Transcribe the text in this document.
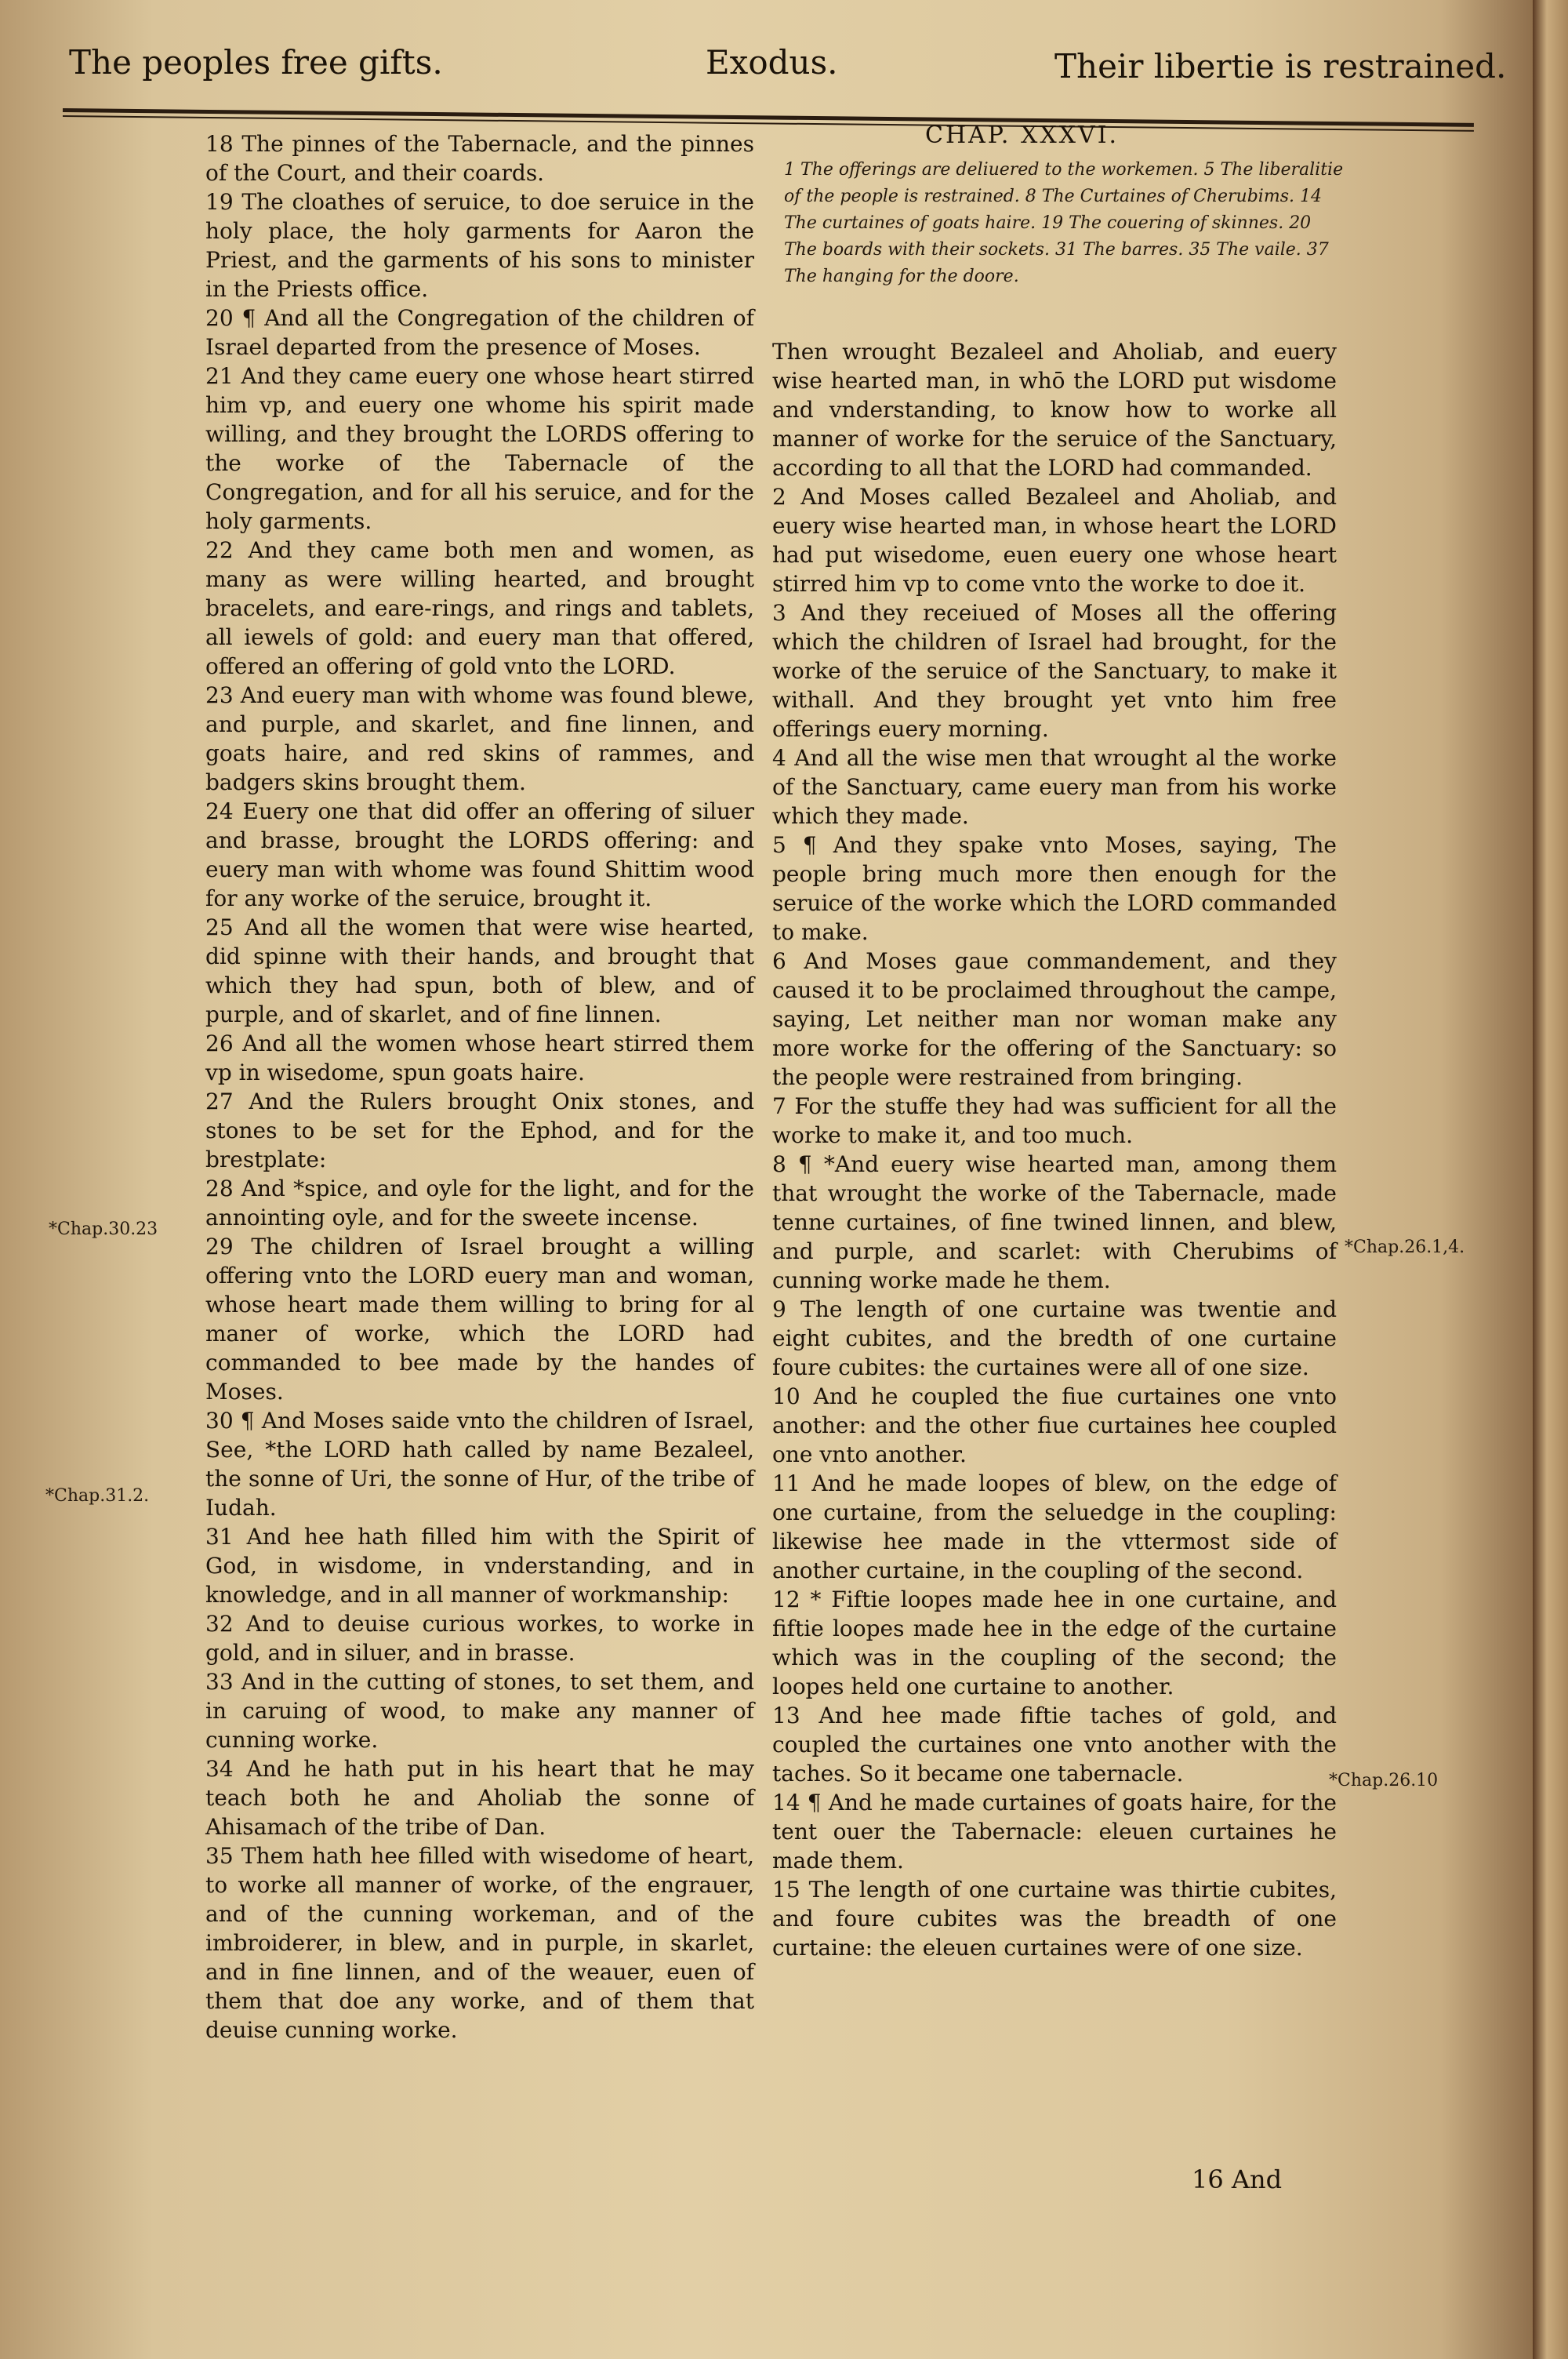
The peoples free gifts.	Exodus.	Their libertie is restrained.
CHAP. XXXVI.
1 The offerings are deliuered to the workemen. 5 The liberalitie of the people is restrained. 8 The Curtaines of Cherubims. 14 The curtaines of goats haire. 19 The couering of skinnes. 20 The boards with their sockets. 31 The barres. 35 The vaile. 37 The hanging for the doore.

18 The pinnes of the Tabernacle, and the pinnes of the Court, and their coards.

19 The cloathes of seruice, to doe seruice in the holy place, the holy garments for Aaron the Priest, and the garments of his sons to minister in the Priests office.

20 ¶ And all the Congregation of the children of Israel departed from the presence of Moses.

21 And they came euery one whose heart stirred him vp, and euery one whome his spirit made willing, and they brought the LORDS offering to the worke of the Tabernacle of the Congregation, and for all his seruice, and for the holy garments.

22 And they came both men and women, as many as were willing hearted, and brought bracelets, and eare-rings, and rings and tablets, all iewels of gold: and euery man that offered, offered an offering of gold vnto the LORD.

23 And euery man with whome was found blewe, and purple, and skarlet, and fine linnen, and goats haire, and red skins of rammes, and badgers skins brought them.

24 Euery one that did offer an offering of siluer and brasse, brought the LORDS offering: and euery man with whome was found Shittim wood for any worke of the seruice, brought it.

25 And all the women that were wise hearted, did spinne with their hands, and brought that which they had spun, both of blew, and of purple, and of skarlet, and of fine linnen.

26 And all the women whose heart stirred them vp in wisedome, spun goats haire.

27 And the Rulers brought Onix stones, and stones to be set for the Ephod, and for the brestplate:

28 And *spice, and oyle for the light, and for the annointing oyle, and for the sweete incense.

29 The children of Israel brought a willing offering vnto the LORD euery man and woman, whose heart made them willing to bring for al maner of worke, which the LORD had commanded to bee made by the handes of Moses.

30 ¶ And Moses saide vnto the children of Israel, See, *the LORD hath called by name Bezaleel, the sonne of Uri, the sonne of Hur, of the tribe of Iudah.

31 And hee hath filled him with the Spirit of God, in wisdome, in vnderstanding, and in knowledge, and in all manner of workmanship:

32 And to deuise curious workes, to worke in gold, and in siluer, and in brasse.

33 And in the cutting of stones, to set them, and in caruing of wood, to make any manner of cunning worke.

34 And he hath put in his heart that he may teach both he and Aholiab the sonne of Ahisamach of the tribe of Dan.

35 Them hath hee filled with wisedome of heart, to worke all manner of worke, of the engrauer, and of the cunning workeman, and of the imbroiderer, in blew, and in purple, in skarlet, and in fine linnen, and of the weauer, euen of them that doe any worke, and of them that deuise cunning worke.

Then wrought Bezaleel and Aholiab, and euery wise hearted man, in whō the LORD put wisdome and vnderstanding, to know how to worke all manner of worke for the seruice of the Sanctuary, according to all that the LORD had commanded.

2 And Moses called Bezaleel and Aholiab, and euery wise hearted man, in whose heart the LORD had put wisedome, euen euery one whose heart stirred him vp to come vnto the worke to doe it.

3 And they receiued of Moses all the offering which the children of Israel had brought, for the worke of the seruice of the Sanctuary, to make it withall. And they brought yet vnto him free offerings euery morning.

4 And all the wise men that wrought al the worke of the Sanctuary, came euery man from his worke which they made.

5 ¶ And they spake vnto Moses, saying, The people bring much more then enough for the seruice of the worke which the LORD commanded to make.

6 And Moses gaue commandement, and they caused it to be proclaimed throughout the campe, saying, Let neither man nor woman make any more worke for the offering of the Sanctuary: so the people were restrained from bringing.

7 For the stuffe they had was sufficient for all the worke to make it, and too much.

8 ¶ *And euery wise hearted man, among them that wrought the worke of the Tabernacle, made tenne curtaines, of fine twined linnen, and blew, and purple, and scarlet: with Cherubims of cunning worke made he them.

9 The length of one curtaine was twentie and eight cubites, and the bredth of one curtaine foure cubites: the curtaines were all of one size.

10 And he coupled the fiue curtaines one vnto another: and the other fiue curtaines hee coupled one vnto another.

11 And he made loopes of blew, on the edge of one curtaine, from the seluedge in the coupling: likewise hee made in the vttermost side of another curtaine, in the coupling of the second.

12 * Fiftie loopes made hee in one curtaine, and fiftie loopes made hee in the edge of the curtaine which was in the coupling of the second; the loopes held one curtaine to another.

13 And hee made fiftie taches of gold, and coupled the curtaines one vnto another with the taches. So it became one tabernacle.

14 ¶ And he made curtaines of goats haire, for the tent ouer the Tabernacle: eleuen curtaines he made them.

15 The length of one curtaine was thirtie cubites, and foure cubites was the breadth of one curtaine: the eleuen curtaines were of one size.

*Chap.30.23
*Chap.31.2.
*Chap.26.1,4.
*Chap.26.10
16 And
